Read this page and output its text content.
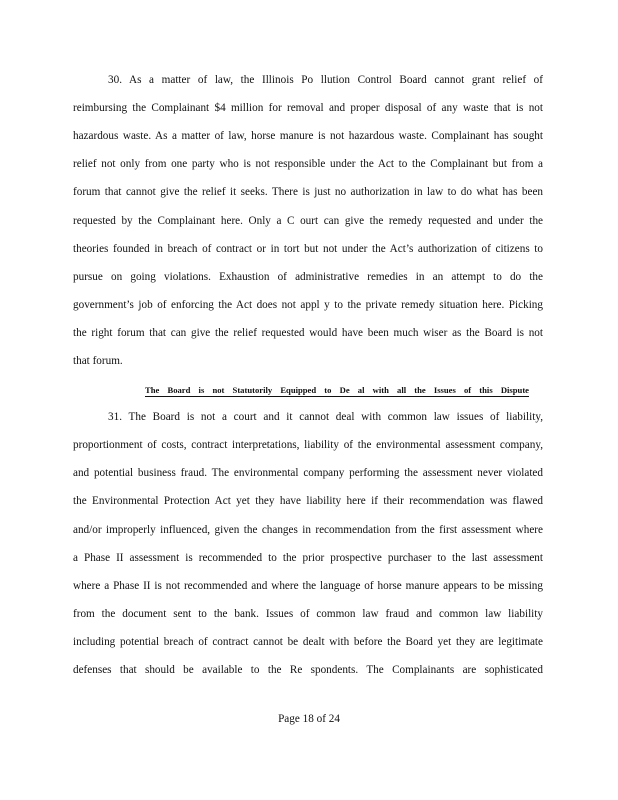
30. As a matter of law, the Illinois Po llution Control Board cannot grant relief of
reimbursing the Complainant $4 million for removal and proper disposal of any waste that is not
hazardous waste. As a matter of law, horse manure is not hazardous waste. Complainant has sought
relief not only from one party who is not responsible under the Act to the Complainant but from a
forum that cannot give the relief it seeks. There is just no authorization in law to do what has been
requested by the Complainant here. Only a C ourt can give the remedy requested and under the
theories founded in breach of contract or in tort but not under the Act’s authorization of citizens to
pursue on going violations. Exhaustion of administrative remedies in an attempt to do the
government’s job of enforcing the Act does not appl y to the private remedy situation here. Picking
the right forum that can give the relief requested would have been much wiser as the Board is not
that forum.
The Board is not Statutorily Equipped to De al with all the Issues of this Dispute
31. The Board is not a court and it cannot deal with common law issues of liability,
proportionment of costs, contract interpretations, liability of the environmental assessment company,
and potential business fraud. The environmental company performing the assessment never violated
the Environmental Protection Act yet they have liability here if their recommendation was flawed
and/or improperly influenced, given the changes in recommendation from the first assessment where
a Phase II assessment is recommended to the prior prospective purchaser to the last assessment
where a Phase II is not recommended and where the language of horse manure appears to be missing
from the document sent to the bank. Issues of common law fraud and common law liability
including potential breach of contract cannot be dealt with before the Board yet they are legitimate
defenses that should be available to the Re spondents. The Complainants are sophisticated
Page 18 of 24
